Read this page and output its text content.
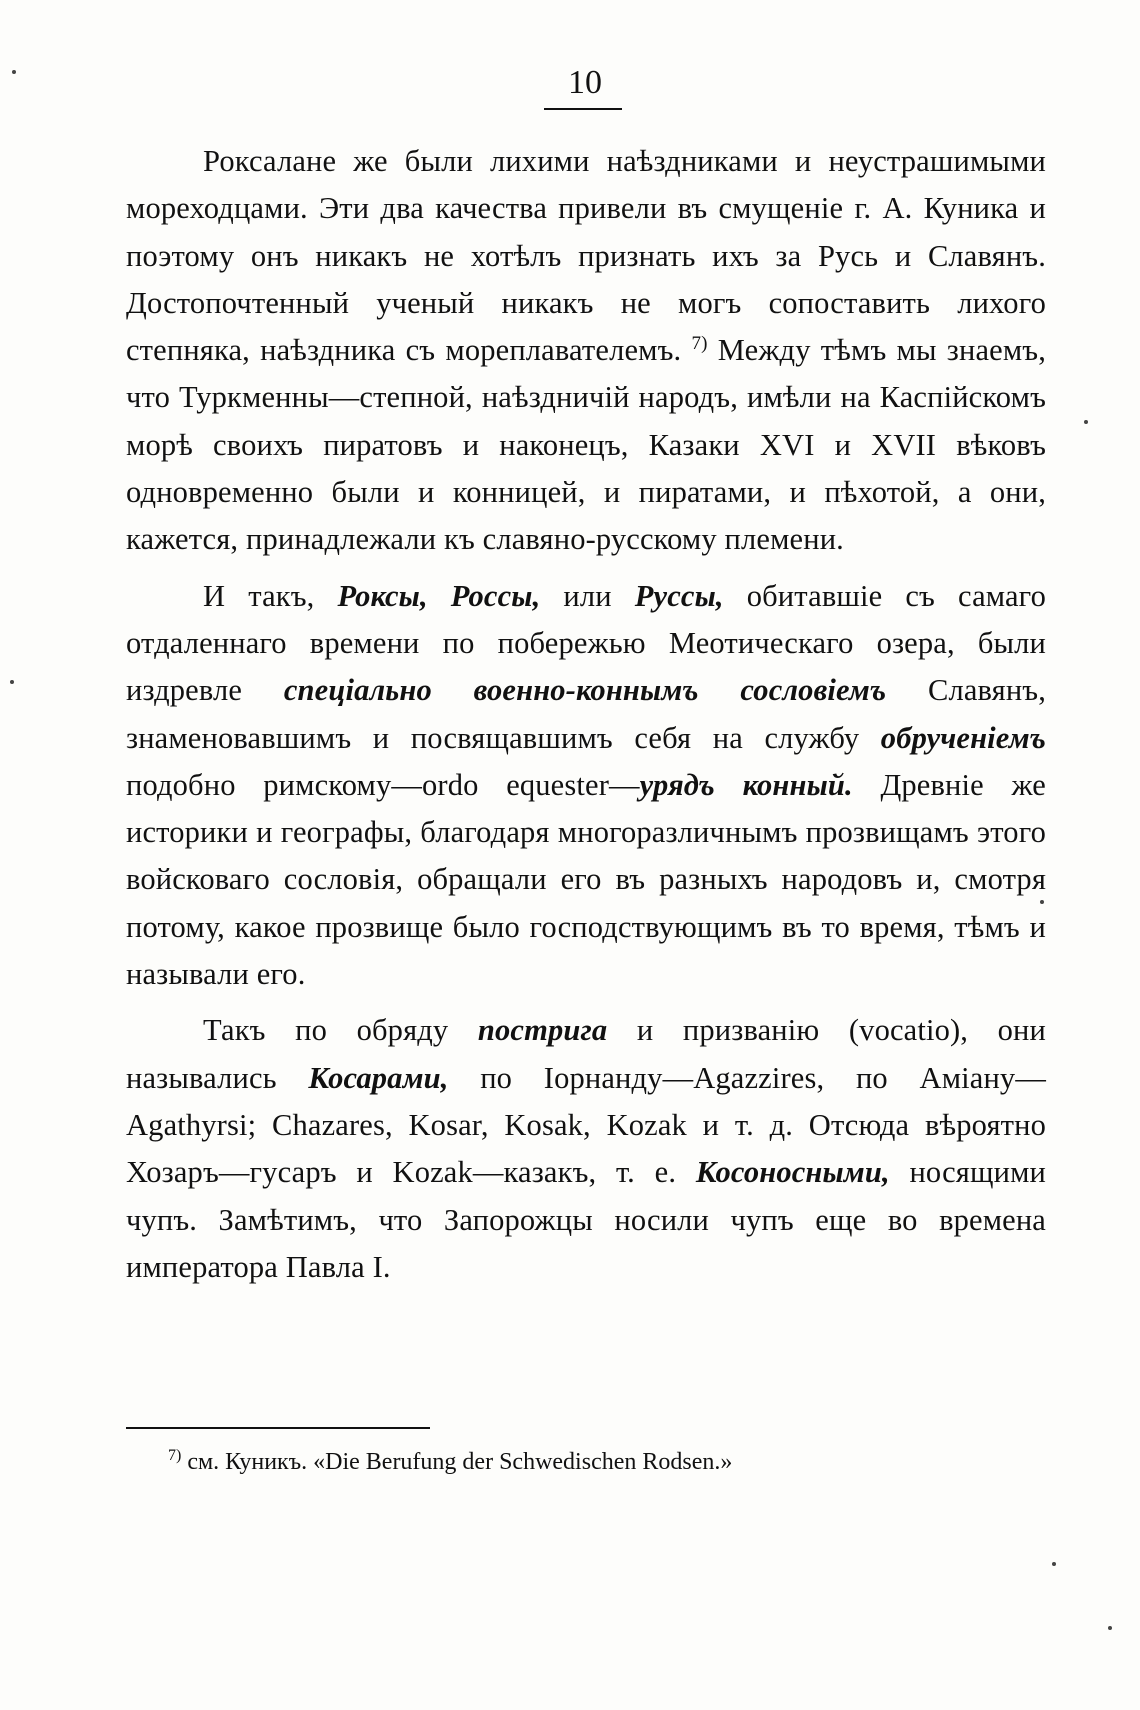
10

Роксалане же были лихими наѣздниками и неустрашимыми мореходцами. Эти два качества привели въ смущеніе г. А. Куника и поэтому онъ никакъ не хотѣлъ признать ихъ за Русь и Славянъ. Достопочтенный ученый никакъ не могъ сопоставить лихого степняка, наѣздника съ мореплавателемъ. $^{7)}$ Между тѣмъ мы знаемъ, что Туркменны—степной, наѣздничій народъ, имѣли на Каспійскомъ морѣ своихъ пиратовъ и наконецъ, Казаки XVI и XVII вѣковъ одновременно были и конницей, и пиратами, и пѣхотой, а они, кажется, принадлежали къ славяно-русскому племени.

И такъ, Роксы, Россы, или Руссы, обитавшіе съ самаго отдаленнаго времени по побережью Меотическаго озера, были издревле спеціально военно-коннымъ сословіемъ Славянъ, знаменовавшимъ и посвящавшимъ себя на службу обрученіемъ подобно римскому—ordo equester—урядъ конный. Древніе же историки и географы, благодаря многоразличнымъ прозвищамъ этого войсковаго сословія, обращали его въ разныхъ народовъ и, смотря потому, какое прозвище было господствующимъ въ то время, тѣмъ и называли его.

Такъ по обряду пострига и призванію (vocatio), они назывались Косарами, по Іорнанду—Agazzires, по Аміану—Agathyrsi; Chazares, Kosar, Kosak, Kozak и т. д. Отсюда вѣроятно Хозаръ—гусаръ и Kozak—казакъ, т. е. Косоносными, носящими чупъ. Замѣтимъ, что Запорожцы носили чупъ еще во времена императора Павла I.

$^{7)}$ см. Куникъ. «Die Berufung der Schwedischen Rodsen.»
